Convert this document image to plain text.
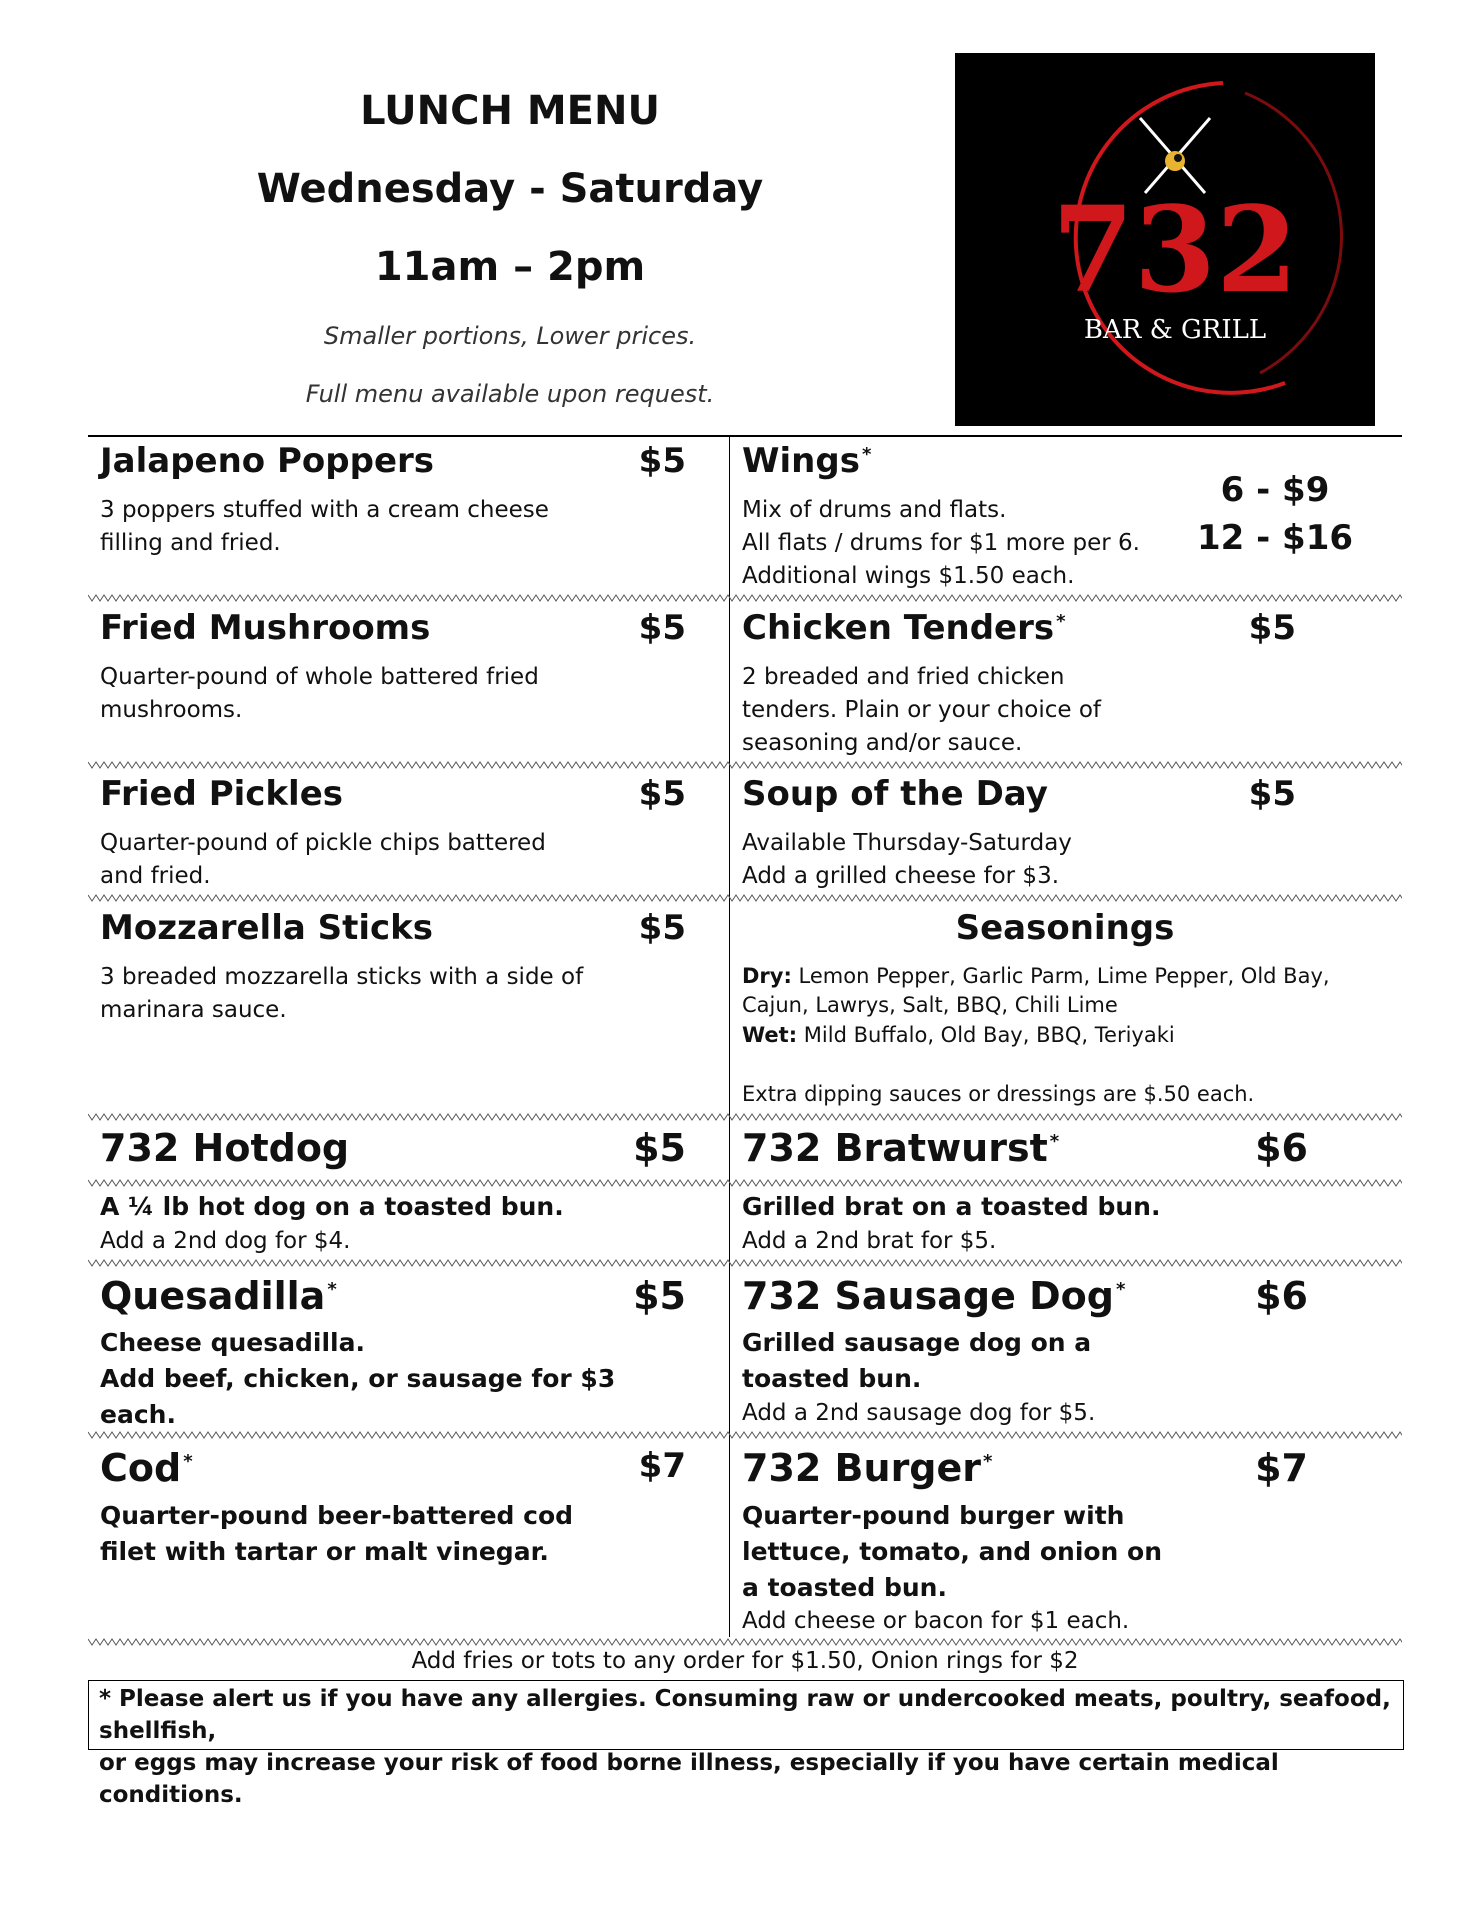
LUNCH MENU
Wednesday - Saturday
11am – 2pm
Smaller portions, Lower prices.
Full menu available upon request.
732
BAR & GRILL
Jalapeno Poppers	$5
3 poppers stuffed with a cream cheese
filling and fried.
Fried Mushrooms	$5
Quarter-pound of whole battered fried
mushrooms.
Fried Pickles	$5
Quarter-pound of pickle chips battered
and fried.
Mozzarella Sticks	$5
3 breaded mozzarella sticks with a side of
marinara sauce.
732 Hotdog	$5
A ¼ lb hot dog on a toasted bun.
Add a 2nd dog for $4.
Quesadilla *	$5
Cheese quesadilla.
Add beef, chicken, or sausage for $3
each.
Cod *	$7
Quarter-pound beer-battered cod
filet with tartar or malt vinegar.
Wings *
Mix of drums and flats.
All flats / drums for $1 more per 6.
Additional wings $1.50 each.
6 - $9
12 - $16
Chicken Tenders *	$5
2 breaded and fried chicken
tenders. Plain or your choice of
seasoning and/or sauce.
Soup of the Day	$5
Available Thursday-Saturday
Add a grilled cheese for $3.
Seasonings
Dry: Lemon Pepper, Garlic Parm, Lime Pepper, Old Bay,
Cajun, Lawrys, Salt, BBQ, Chili Lime
Wet: Mild Buffalo, Old Bay, BBQ, Teriyaki
Extra dipping sauces or dressings are $.50 each.
732 Bratwurst *	$6
Grilled brat on a toasted bun.
Add a 2nd brat for $5.
732 Sausage Dog *	$6
Grilled sausage dog on a
toasted bun.
Add a 2nd sausage dog for $5.
732 Burger *	$7
Quarter-pound burger with
lettuce, tomato, and onion on
a toasted bun.
Add cheese or bacon for $1 each.
Add fries or tots to any order for $1.50, Onion rings for $2
* Please alert us if you have any allergies. Consuming raw or undercooked meats, poultry, seafood, shellfish,
or eggs may increase your risk of food borne illness, especially if you have certain medical conditions.
